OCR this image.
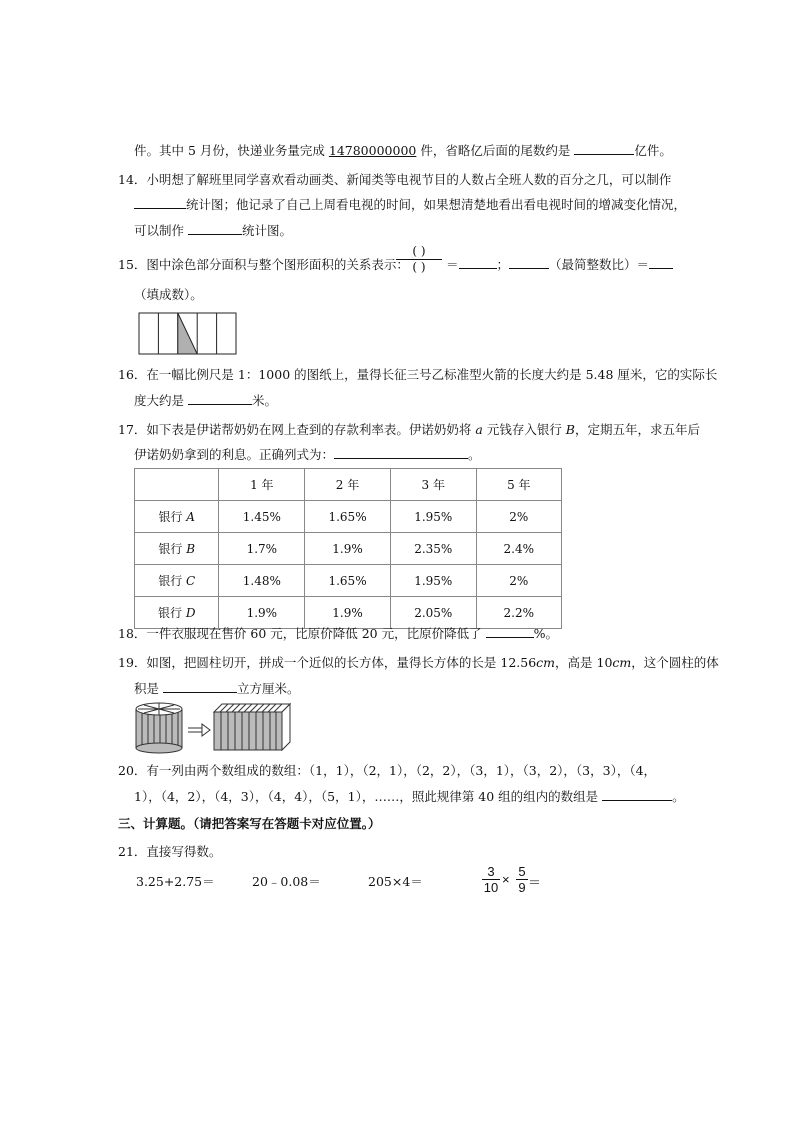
件。其中 5 月份，快递业务量完成 14780000000 件，省略亿后面的尾数约是	亿件。
14．小明想了解班里同学喜欢看动画类、新闻类等电视节目的人数占全班人数的百分之几，可以制作
统计图；他记录了自己上周看电视的时间，如果想清楚地看出看电视时间的增减变化情况，
可以制作	统计图。
15．图中涂色部分面积与整个图形面积的关系表示：
( )
( )	＝	；	（最简整数比）＝
（填成数）。
16．在一幅比例尺是 1：1000 的图纸上，量得长征三号乙标准型火箭的长度大约是 5.48 厘米，它的实际长
度大约是	米。
17．如下表是伊诺帮奶奶在网上查到的存款利率表。伊诺奶奶将 a 元钱存入银行 B，定期五年，求五年后
伊诺奶奶拿到的利息。正确列式为：	。
	1 年	2 年	3 年	5 年
银行 A	1.45%	1.65%	1.95%	2%
银行 B	1.7%	1.9%	2.35%	2.4%
银行 C	1.48%	1.65%	1.95%	2%
银行 D	1.9%	1.9%	2.05%	2.2%
18．一件衣服现在售价 60 元，比原价降低 20 元，比原价降低了	%。
19．如图，把圆柱切开，拼成一个近似的长方体，量得长方体的长是 12.56cm，高是 10cm，这个圆柱的体
积是	立方厘米。
20．有一列由两个数组成的数组：（1，1），（2，1），（2，2），（3，1），（3，2），（3，3），（4，
1），（4，2），（4，3），（4，4），（5，1），……，照此规律第 40 组的组内的数组是	。
三、计算题。（请把答案写在答题卡对应位置。）
21．直接写得数。
3.25+2.75＝	20﹣0.08＝	205×4＝
3
10
×
5
9 ＝
